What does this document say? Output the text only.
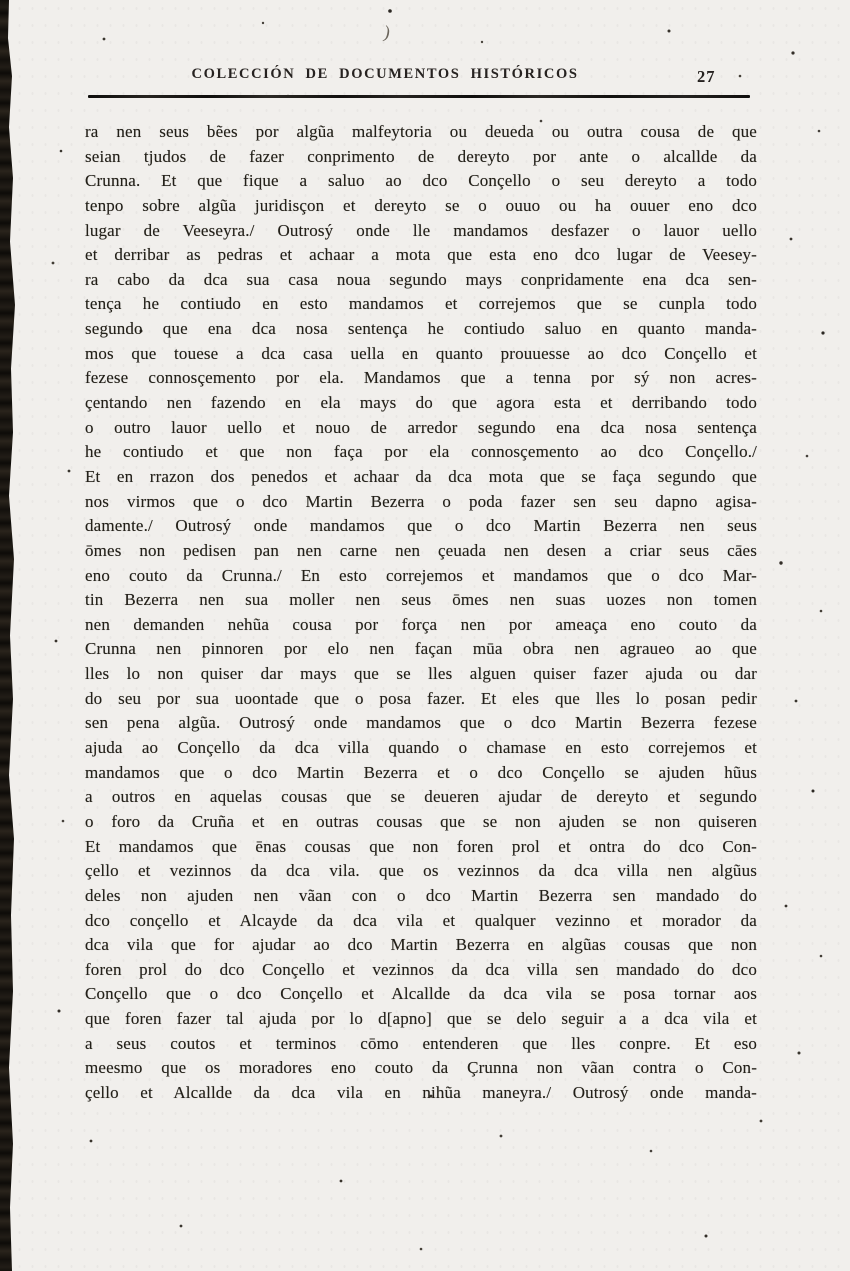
)
COLECCIÓN DE DOCUMENTOS HISTÓRICOS	27
ra nen seus bẽes por algũa malfeytoria ou deueda ou outra cousa de que
seian tjudos de fazer conprimento de dereyto por ante o alcallde da
Crunna. Et que fique a saluo ao dco Conçello o seu dereyto a todo
tenpo sobre algũa juridisçon et dereyto se o ouuo ou ha ouuer eno dco
lugar de Veeseyra./ Outrosý onde lle mandamos desfazer o lauor uello
et derribar as pedras et achaar a mota que esta eno dco lugar de Veesey-
ra cabo da dca sua casa noua segundo mays conpridamente ena dca sen-
tença he contiudo en esto mandamos et correjemos que se cunpla todo
segundo que ena dca nosa sentença he contiudo saluo en quanto manda-
mos que touese a dca casa uella en quanto prouuesse ao dco Conçello et
fezese connosçemento por ela. Mandamos que a tenna por sý non acres-
çentando nen fazendo en ela mays do que agora esta et derribando todo
o outro lauor uello et nouo de arredor segundo ena dca nosa sentença
he contiudo et que non faça por ela connosçemento ao dco Conçello./
Et en rrazon dos penedos et achaar da dca mota que se faça segundo que
nos virmos que o dco Martin Bezerra o poda fazer sen seu dapno agisa-
damente./ Outrosý onde mandamos que o dco Martin Bezerra nen seus
ōmes non pedisen pan nen carne nen çeuada nen desen a criar seus cāes
eno couto da Crunna./ En esto correjemos et mandamos que o dco Mar-
tin Bezerra nen sua moller nen seus ōmes nen suas uozes non tomen
nen demanden nehũa cousa por força nen por ameaça eno couto da
Crunna nen pinnoren por elo nen façan mūa obra nen agraueo ao que
lles lo non quiser dar mays que se lles alguen quiser fazer ajuda ou dar
do seu por sua uoontade que o posa fazer. Et eles que lles lo posan pedir
sen pena algũa. Outrosý onde mandamos que o dco Martin Bezerra fezese
ajuda ao Conçello da dca villa quando o chamase en esto correjemos et
mandamos que o dco Martin Bezerra et o dco Conçello se ajuden hũus
a outros en aquelas cousas que se deueren ajudar de dereyto et segundo
o foro da Cruña et en outras cousas que se non ajuden se non quiseren
Et mandamos que ēnas cousas que non foren prol et ontra do dco Con-
çello et vezinnos da dca vila. que os vezinnos da dca villa nen algũus
deles non ajuden nen vãan con o dco Martin Bezerra sen mandado do
dco conçello et Alcayde da dca vila et qualquer vezinno et morador da
dca vila que for ajudar ao dco Martin Bezerra en algũas cousas que non
foren prol do dco Conçello et vezinnos da dca villa sen mandado do dco
Conçello que o dco Conçello et Alcallde da dca vila se posa tornar aos
que foren fazer tal ajuda por lo d[apno] que se delo seguir a a dca vila et
a seus coutos et terminos cōmo entenderen que lles conpre. Et eso
meesmo que os moradores eno couto da Çrunna non vãan contra o Con-
çello et Alcallde da dca vila en nihũa maneyra./ Outrosý onde manda-
